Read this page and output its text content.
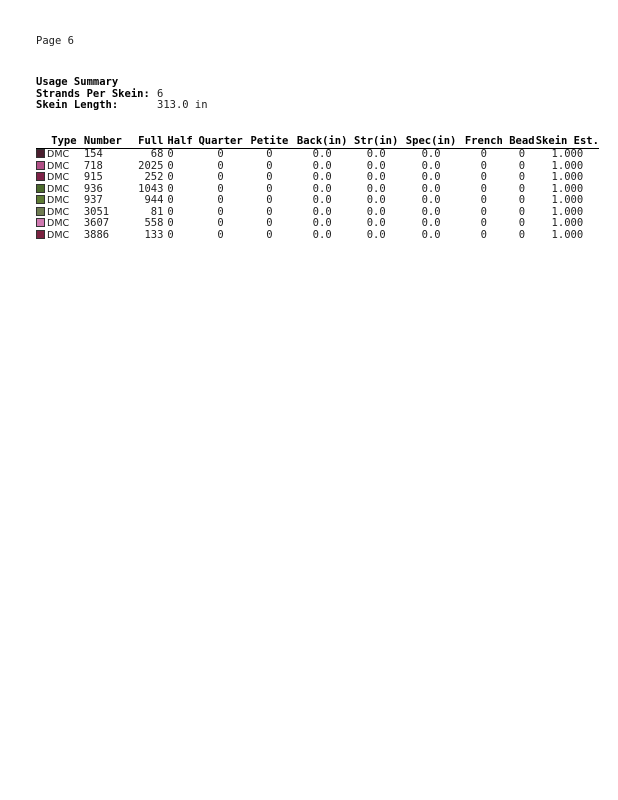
Page 6
Usage Summary
Strands Per Skein: 6
Skein Length:	313.0 in
Type	Number	Full	Half	Quarter	Petite	Back(in)	Str(in)	Spec(in)	French	Bead	Skein Est.
DMC	154	68	0	0	0	0.0	0.0	0.0	0	0	1.000
DMC	718	2025	0	0	0	0.0	0.0	0.0	0	0	1.000
DMC	915	252	0	0	0	0.0	0.0	0.0	0	0	1.000
DMC	936	1043	0	0	0	0.0	0.0	0.0	0	0	1.000
DMC	937	944	0	0	0	0.0	0.0	0.0	0	0	1.000
DMC	3051	81	0	0	0	0.0	0.0	0.0	0	0	1.000
DMC	3607	558	0	0	0	0.0	0.0	0.0	0	0	1.000
DMC	3886	133	0	0	0	0.0	0.0	0.0	0	0	1.000
